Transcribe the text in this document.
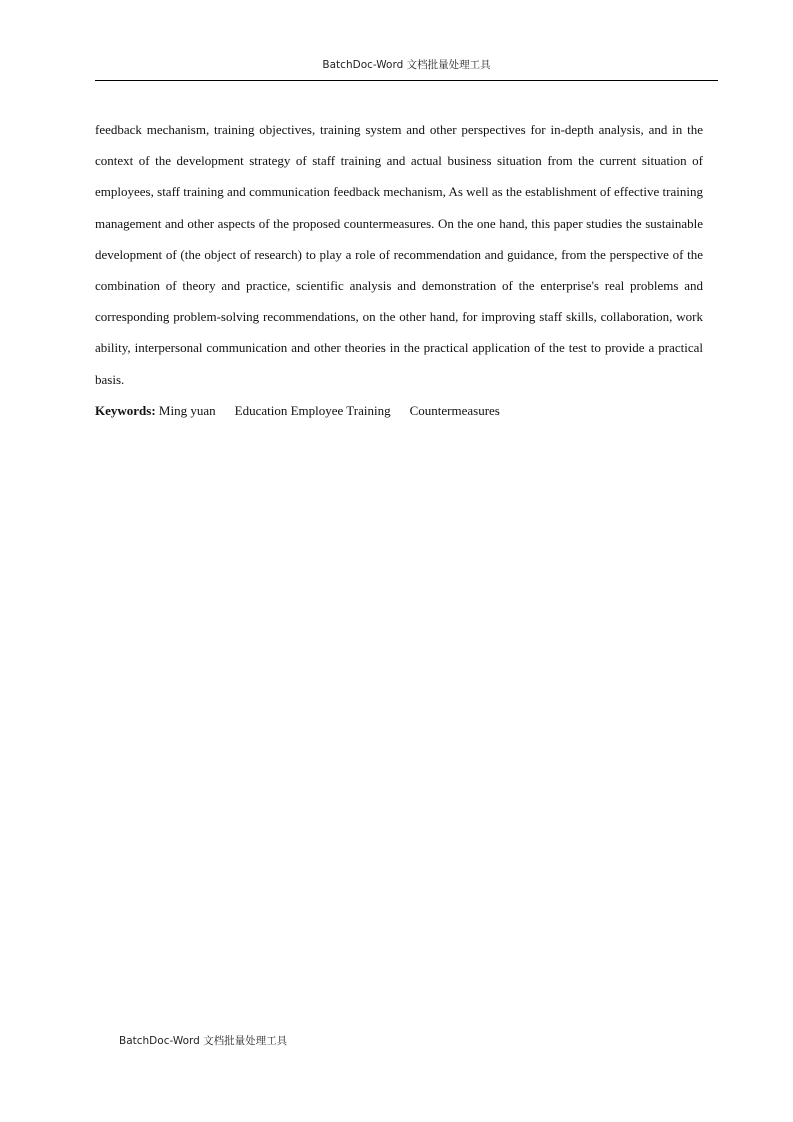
BatchDoc-Word 文档批量处理工具

feedback mechanism, training objectives, training system and other perspectives for in-depth analysis, and in the context of the development strategy of staff training and actual business situation from the current situation of employees, staff training and communication feedback mechanism, As well as the establishment of effective training management and other aspects of the proposed countermeasures. On the one hand, this paper studies the sustainable development of (the object of research) to play a role of recommendation and guidance, from the perspective of the combination of theory and practice, scientific analysis and demonstration of the enterprise's real problems and corresponding problem-solving recommendations, on the other hand, for improving staff skills, collaboration, work ability, interpersonal communication and other theories in the practical application of the test to provide a practical basis.

Keywords: Ming yuan Education Employee Training Countermeasures

BatchDoc-Word 文档批量处理工具
